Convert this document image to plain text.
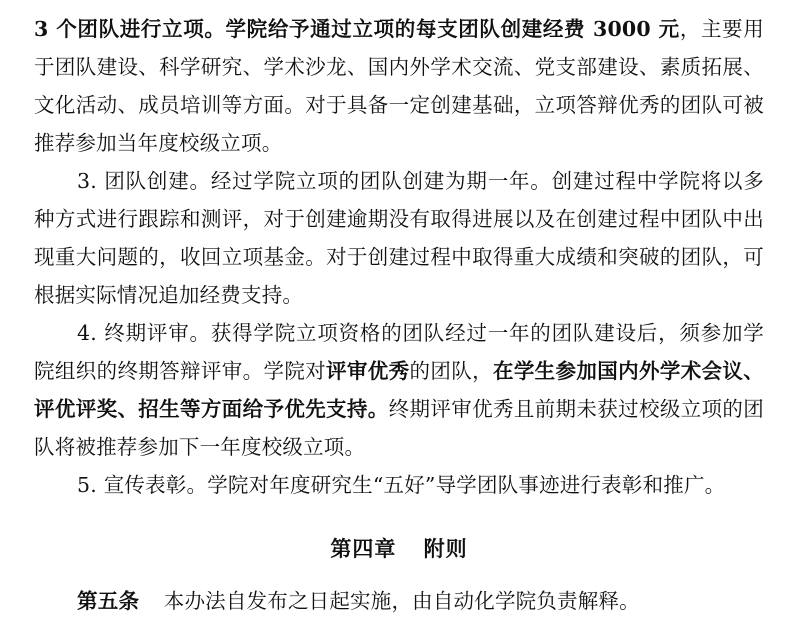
3 个团队进行立项。学院给予通过立项的每支团队创建经费 3000 元，主要用于团队建设、科学研究、学术沙龙、国内外学术交流、党支部建设、素质拓展、文化活动、成员培训等方面。对于具备一定创建基础，立项答辩优秀的团队可被推荐参加当年度校级立项。

3. 团队创建。经过学院立项的团队创建为期一年。创建过程中学院将以多种方式进行跟踪和测评，对于创建逾期没有取得进展以及在创建过程中团队中出现重大问题的，收回立项基金。对于创建过程中取得重大成绩和突破的团队，可根据实际情况追加经费支持。

4. 终期评审。获得学院立项资格的团队经过一年的团队建设后，须参加学院组织的终期答辩评审。学院对评审优秀的团队，在学生参加国内外学术会议、评优评奖、招生等方面给予优先支持。终期评审优秀且前期未获过校级立项的团队将被推荐参加下一年度校级立项。

5. 宣传表彰。学院对年度研究生“五好”导学团队事迹进行表彰和推广。

第四章 附则

第五条 本办法自发布之日起实施，由自动化学院负责解释。
